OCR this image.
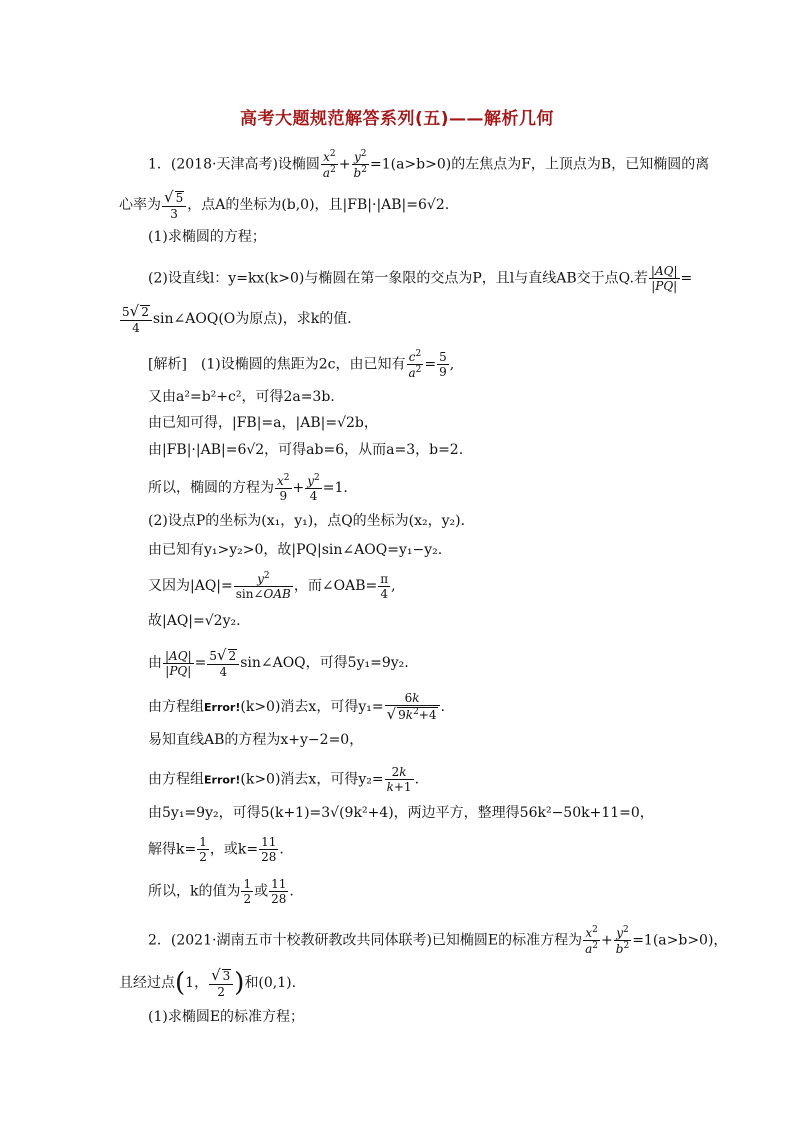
高考大题规范解答系列(五)——解析几何
1．(2018·天津高考)设椭圆 $\frac{x^2}{a^2} + \frac{y^2}{b^2} =1(a>b>0)$的左焦点为F，上顶点为B，已知椭圆的离
心率为 $\frac{√ 5}{3}$ ，点A的坐标为(b,0)，且|FB|·|AB|=6√2.
(1)求椭圆的方程；
(2)设直线l：y=kx(k>0)与椭圆在第一象限的交点为P，且l与直线AB交于点Q.若 $\frac{|AQ|}{|PQ|}$ =
$\frac{5√ 2}{4}$ sin∠AOQ(O为原点)，求k的值．
[解析]　(1)设椭圆的焦距为2c，由已知有 $\frac{c^2}{a^2} = \frac{5}{9}$ ,
又由a²=b²+c²，可得2a=3b.
由已知可得，|FB|=a，|AB|=√2b，
由|FB|·|AB|=6√2，可得ab=6，从而a=3，b=2.
所以，椭圆的方程为 $\frac{x^2}{9} + \frac{y^2}{4} =1$.
(2)设点P的坐标为(x₁，y₁)，点Q的坐标为(x₂，y₂)．
由已知有y₁>y₂>0，故|PQ|sin∠AOQ=y₁−y₂.
又因为$|AQ|= \frac{y^2}{\text{sin∠OAB}}$ ，而∠OAB= $\frac{\pi}{4}$ ,
故|AQ|=√2y₂.
由 $\frac{|AQ|}{|PQ|} = \frac{5√ 2}{4}$ sin∠AOQ，可得5y₁=9y₂.
由方程组Error!(k>0)消去x，可得$y_1= \frac{6k}{√ 9k^2+4}$ .
易知直线AB的方程为x+y−2=0，
由方程组Error!(k>0)消去x，可得$y_2= \frac{2k}{k+1}$ .
由5y₁=9y₂，可得5(k+1)=3√(9k²+4)，两边平方，整理得56k²−50k+11=0，
解得$k= \frac{1}{2}$ ，或$k= \frac{11}{28}$ .
所以，k的值为 $\frac{1}{2}$ 或 $\frac{11}{28}$ .
2．(2021·湖南五市十校教研教改共同体联考)已知椭圆E的标准方程为 $\frac{x^2}{a^2} + \frac{y^2}{b^2} =1(a>b>0)$，
且经过点(1， $\frac{√ 3}{2}$ )和(0,1).
(1)求椭圆E的标准方程；
